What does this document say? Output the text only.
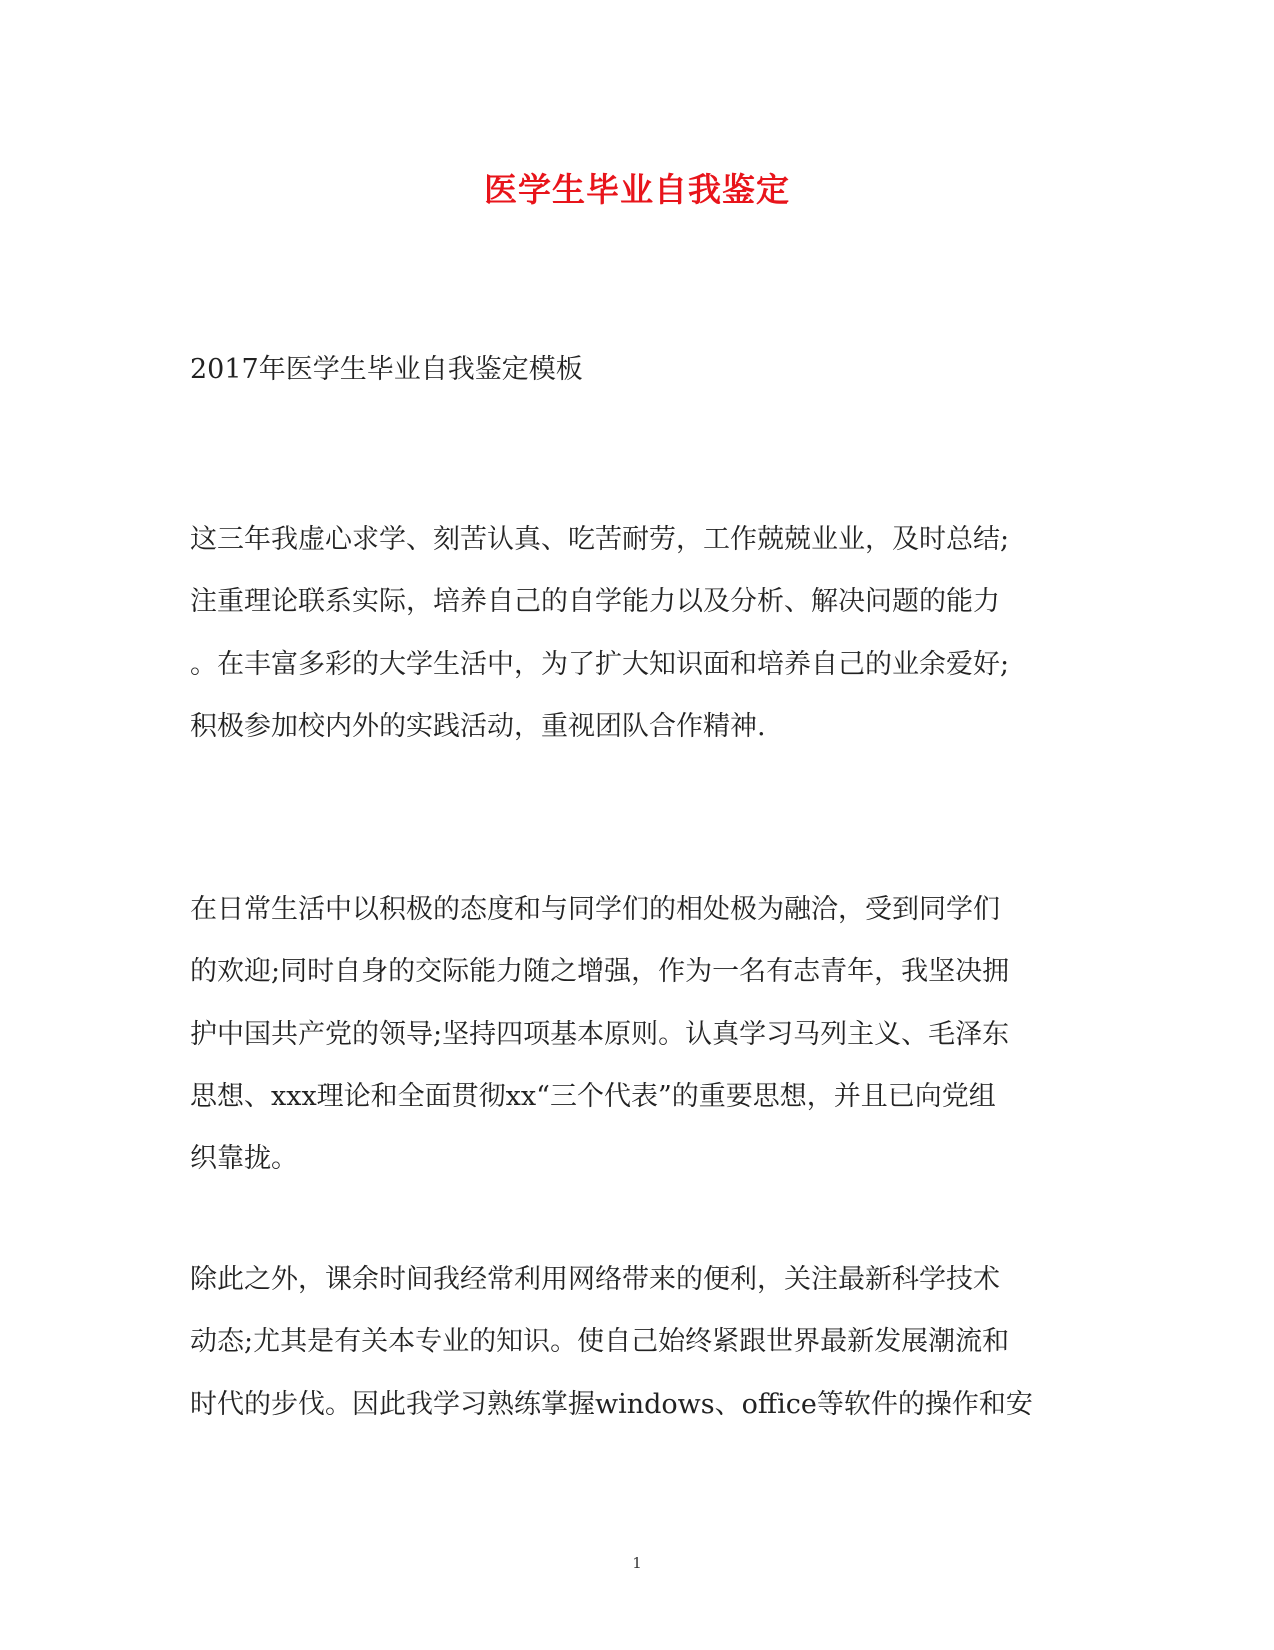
医学生毕业自我鉴定
2017年医学生毕业自我鉴定模板
这三年我虚心求学、刻苦认真、吃苦耐劳，工作兢兢业业，及时总结;
注重理论联系实际，培养自己的自学能力以及分析、解决问题的能力
。在丰富多彩的大学生活中，为了扩大知识面和培养自己的业余爱好;
积极参加校内外的实践活动，重视团队合作精神.
在日常生活中以积极的态度和与同学们的相处极为融洽，受到同学们
的欢迎;同时自身的交际能力随之增强，作为一名有志青年，我坚决拥
护中国共产党的领导;坚持四项基本原则。认真学习马列主义、毛泽东
思想、xxx理论和全面贯彻xx“三个代表”的重要思想，并且已向党组
织靠拢。
除此之外，课余时间我经常利用网络带来的便利，关注最新科学技术
动态;尤其是有关本专业的知识。使自己始终紧跟世界最新发展潮流和
时代的步伐。因此我学习熟练掌握windows、office等软件的操作和安
1
